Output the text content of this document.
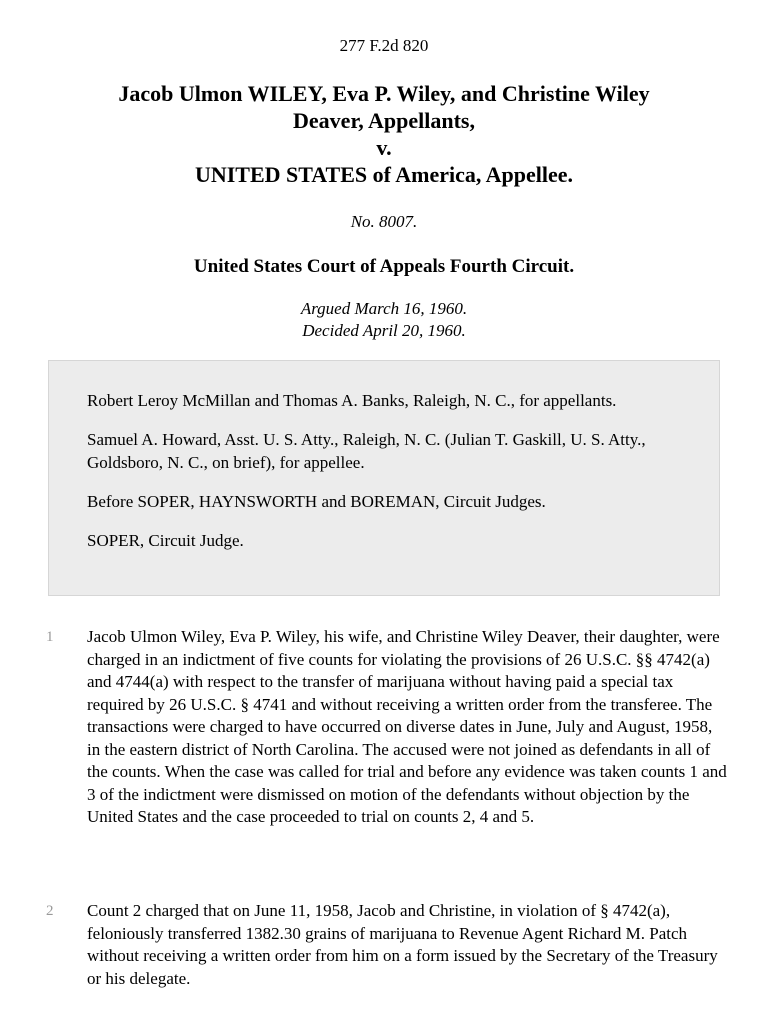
277 F.2d 820
Jacob Ulmon WILEY, Eva P. Wiley, and Christine Wiley
Deaver, Appellants,
v.
UNITED STATES of America, Appellee.
No. 8007.
United States Court of Appeals Fourth Circuit.
Argued March 16, 1960.
Decided April 20, 1960.

Robert Leroy McMillan and Thomas A. Banks, Raleigh, N. C., for appellants.

Samuel A. Howard, Asst. U. S. Atty., Raleigh, N. C. (Julian T. Gaskill, U. S. Atty., Goldsboro, N. C., on brief), for appellee.

Before SOPER, HAYNSWORTH and BOREMAN, Circuit Judges.

SOPER, Circuit Judge.

1 Jacob Ulmon Wiley, Eva P. Wiley, his wife, and Christine Wiley Deaver, their daughter, were charged in an indictment of five counts for violating the provisions of 26 U.S.C. §§ 4742(a) and 4744(a) with respect to the transfer of marijuana without having paid a special tax required by 26 U.S.C. § 4741 and without receiving a written order from the transferee. The transactions were charged to have occurred on diverse dates in June, July and August, 1958, in the eastern district of North Carolina. The accused were not joined as defendants in all of the counts. When the case was called for trial and before any evidence was taken counts 1 and 3 of the indictment were dismissed on motion of the defendants without objection by the United States and the case proceeded to trial on counts 2, 4 and 5.
2 Count 2 charged that on June 11, 1958, Jacob and Christine, in violation of § 4742(a), feloniously transferred 1382.30 grains of marijuana to Revenue Agent Richard M. Patch without receiving a written order from him on a form issued by the Secretary of the Treasury or his delegate.
